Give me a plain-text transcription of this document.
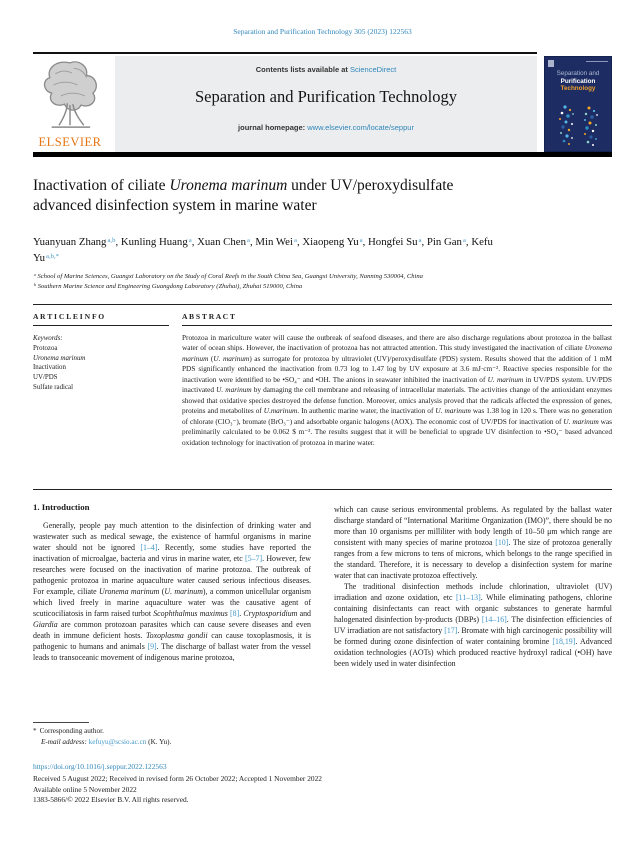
Separation and Purification Technology 305 (2023) 122563
ELSEVIER
Contents lists available at ScienceDirect
Separation and Purification Technology
journal homepage: www.elsevier.com/locate/seppur
Separation and
Purification
Technology
Inactivation of ciliate Uronema marinum under UV/peroxydisulfate advanced disinfection system in marine water
Yuanyuan Zhang$^{a,b}$, Kunling Huang$^a$, Xuan Chen$^a$, Min Wei$^a$, Xiaopeng Yu$^a$, Hongfei Su$^a$, Pin Gan$^a$, Kefu $Yu^{a,b,*}$
$^a$ School of Marine Sciences, Guangxi Laboratory on the Study of Coral Reefs in the South China Sea, Guangxi University, Nanning 530004, China
$^b$ Southern Marine Science and Engineering Guangdong Laboratory (Zhuhai), Zhuhai 519000, China
A R T I C L E I N F O
Keywords:
Protozoa
Uronema marinum
Inactivation
UV/PDS
Sulfate radical
A B S T R A C T

Protozoa in mariculture water will cause the outbreak of seafood diseases, and there are also discharge regulations about protozoa in the ballast water of ocean ships. However, the inactivation of protozoa has not attracted attention. This study investigated the inactivation of ciliate Uronema marinum (U. marinum) as surrogate for protozoa by ultraviolet (UV)/peroxydisulfate (PDS) system. Results showed that the addition of 1 mM PDS significantly enhanced the inactivation from 0.73 log to 1.47 log by UV exposure at 3.6 mJ·cm⁻². Reactive species responsible for the inactivation were identified to be •SO₄⁻ and •OH. The anions in seawater inhibited the inactivation of U. marinum in UV/PDS system. UV/PDS inactivated U. marinum by damaging the cell membrane and releasing of intracellular materials. The activities change of the antioxidant enzymes showed that oxidative species destroyed the defense function. Moreover, omics analysis proved that the radicals affected the expression of genes, proteins and metabolites of U.marinum. In authentic marine water, the inactivation of U. marinum was 1.38 log in 120 s. There was no generation of chlorate (ClO₃⁻), bromate (BrO₃⁻) and adsorbable organic halogens (AOX). The economic cost of UV/PDS for inactivation of U. marinum was preliminarily calculated to be 0.062 $ m⁻³. The results suggest that it will be beneficial to upgrade UV disinfection to •SO₄⁻ based advanced oxidation technology for inactivation of protozoa in marine water.

1. Introduction

Generally, people pay much attention to the disinfection of drinking water and wastewater such as medical sewage, the existence of harmful organisms in marine water should not be ignored [1–4]. Recently, some studies have reported the inactivation of microalgae, bacteria and virus in marine water, etc [5–7]. However, few researches were focused on the inactivation of marine protozoa. The outbreak of pathogenic protozoa in marine aquaculture water caused serious infectious diseases. For example, ciliate Uronema marinum (U. marinum), a common unicellular organism which lived freely in marine aquaculture water was the causative agent of scuticociliatosis in farm raised turbot Scophthalmus maximus [8]. Cryptosporidium and Giardia are common protozoan parasites which can cause severe diseases and even death in immune deficient hosts. Toxoplasma gondii can cause toxoplasmosis, it is pathogenic to humans and animals [9]. The discharge of ballast water from the vessel leads to transoceanic movement of indigenous marine protozoa,

which can cause serious environmental problems. As regulated by the ballast water discharge standard of “International Maritime Organization (IMO)”, there should be no more than 10 organisms per milliliter with body length of 10–50 μm which range are consistent with many species of marine protozoa [10]. The size of protozoa generally ranges from a few microns to tens of microns, which belongs to the range specified in the standard. Therefore, it is necessary to develop a disinfection system for marine water that can inactivate protozoa effectively.

The traditional disinfection methods include chlorination, ultraviolet (UV) irradiation and ozone oxidation, etc [11–13]. While eliminating pathogens, chlorine containing disinfectants can react with organic substances to generate harmful halogenated disinfection by-products (DBPs) [14–16]. The disinfection efficiencies of UV irradiation are not satisfactory [17]. Bromate with high carcinogenic possibility will be formed during ozone disinfection of water containing bromine [18,19]. Advanced oxidation technologies (AOTs) which produced reactive hydroxyl radical (•OH) have been widely used in water disinfection

* Corresponding author.
E-mail address: kefuyu@scsio.ac.cn (K. Yu).
https://doi.org/10.1016/j.seppur.2022.122563
Received 5 August 2022; Received in revised form 26 October 2022; Accepted 1 November 2022
Available online 5 November 2022
1383-5866/© 2022 Elsevier B.V. All rights reserved.
